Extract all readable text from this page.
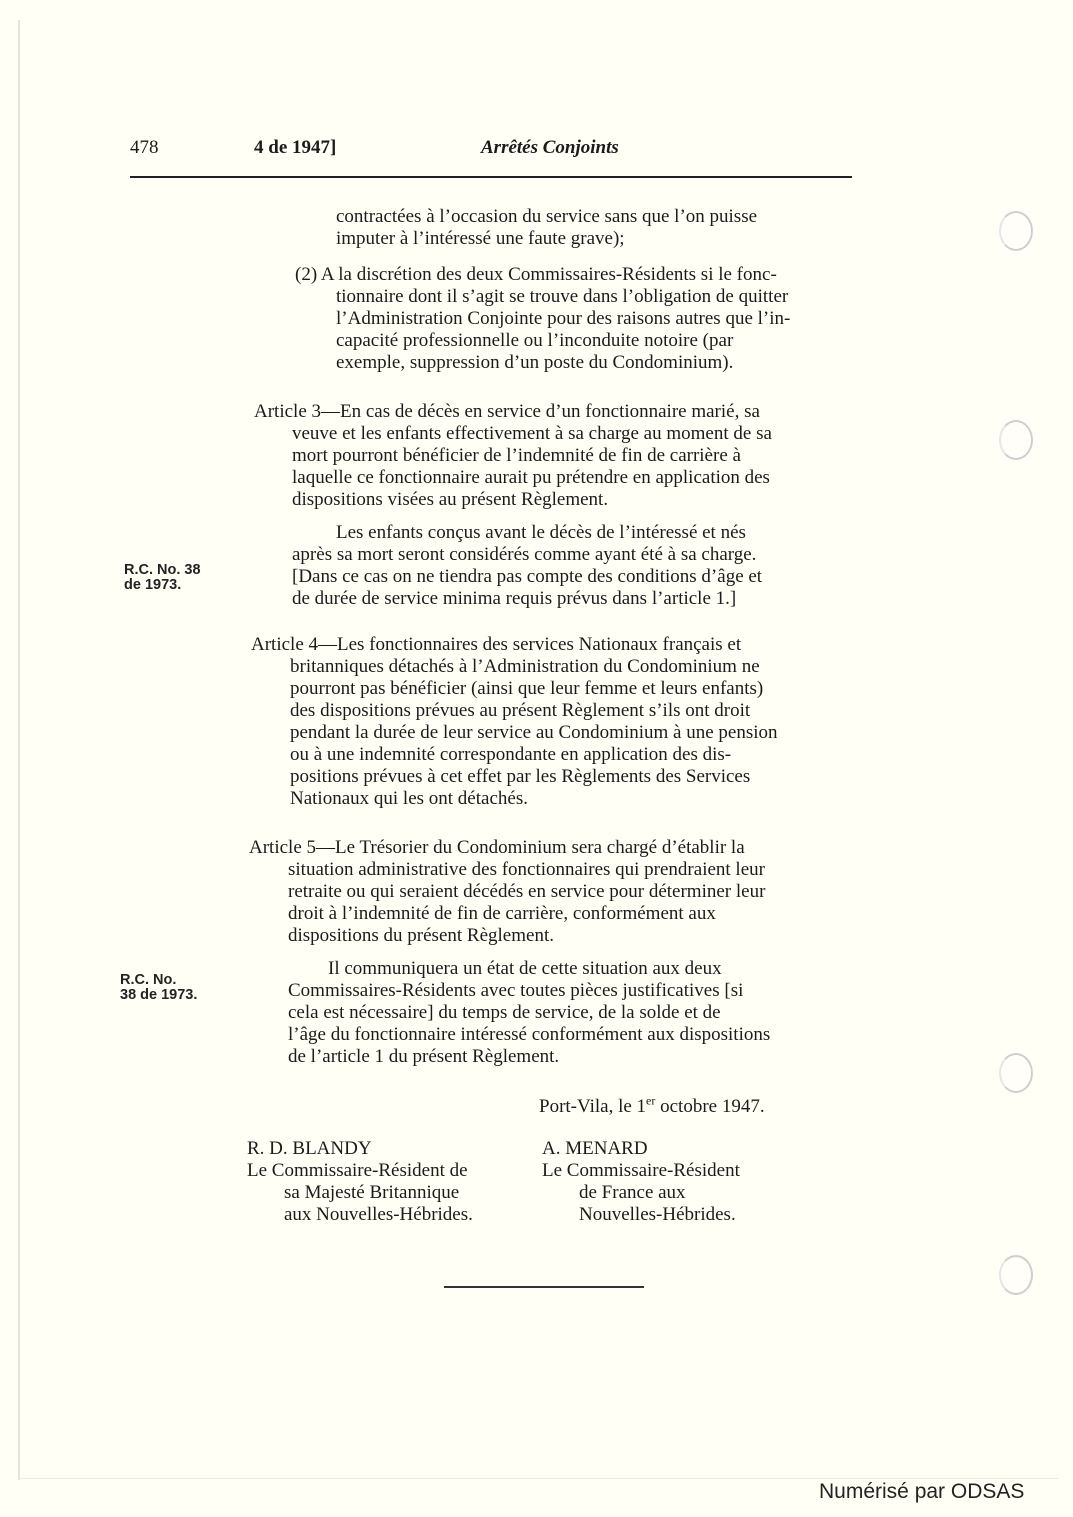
478	4 de 1947]	Arrêtés Conjoints
contractées à l’occasion du service sans que l’on puisse
imputer à l’intéressé une faute grave);
(2) A la discrétion des deux Commissaires-Résidents si le fonc-
tionnaire dont il s’agit se trouve dans l’obligation de quitter
l’Administration Conjointe pour des raisons autres que l’in-
capacité professionnelle ou l’inconduite notoire (par
exemple, suppression d’un poste du Condominium).
Article 3—En cas de décès en service d’un fonctionnaire marié, sa
veuve et les enfants effectivement à sa charge au moment de sa
mort pourront bénéficier de l’indemnité de fin de carrière à
laquelle ce fonctionnaire aurait pu prétendre en application des
dispositions visées au présent Règlement.
Les enfants conçus avant le décès de l’intéressé et nés
après sa mort seront considérés comme ayant été à sa charge.
[Dans ce cas on ne tiendra pas compte des conditions d’âge et
de durée de service minima requis prévus dans l’article 1.]
R.C. No. 38
de 1973.
Article 4—Les fonctionnaires des services Nationaux français et
britanniques détachés à l’Administration du Condominium ne
pourront pas bénéficier (ainsi que leur femme et leurs enfants)
des dispositions prévues au présent Règlement s’ils ont droit
pendant la durée de leur service au Condominium à une pension
ou à une indemnité correspondante en application des dis-
positions prévues à cet effet par les Règlements des Services
Nationaux qui les ont détachés.
Article 5—Le Trésorier du Condominium sera chargé d’établir la
situation administrative des fonctionnaires qui prendraient leur
retraite ou qui seraient décédés en service pour déterminer leur
droit à l’indemnité de fin de carrière, conformément aux
dispositions du présent Règlement.
Il communiquera un état de cette situation aux deux
Commissaires-Résidents avec toutes pièces justificatives [si
cela est nécessaire] du temps de service, de la solde et de
l’âge du fonctionnaire intéressé conformément aux dispositions
de l’article 1 du présent Règlement.
R.C. No.
38 de 1973.
Port-Vila, le 1er octobre 1947.
R. D. BLANDY
Le Commissaire-Résident de
sa Majesté Britannique
aux Nouvelles-Hébrides.
A. MENARD
Le Commissaire-Résident
de France aux
Nouvelles-Hébrides.
Numérisé par ODSAS
